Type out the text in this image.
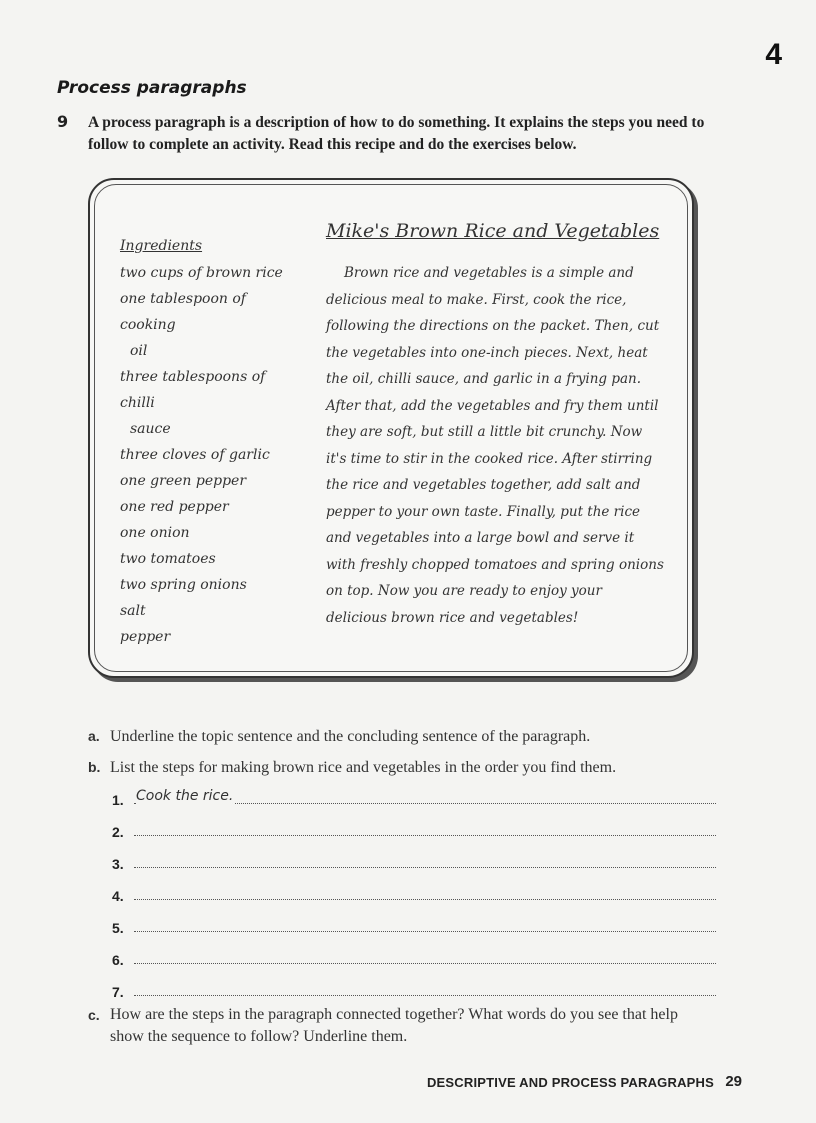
4
Process paragraphs
9 A process paragraph is a description of how to do something. It explains the steps you need to follow to complete an activity. Read this recipe and do the exercises below.
Ingredients
two cups of brown rice
one tablespoon of cooking
oil
three tablespoons of chilli
sauce
three cloves of garlic
one green pepper
one red pepper
one onion
two tomatoes
two spring onions
salt
pepper
Mike's Brown Rice and Vegetables
Brown rice and vegetables is a simple and delicious meal to make. First, cook the rice, following the directions on the packet. Then, cut the vegetables into one-inch pieces. Next, heat the oil, chilli sauce, and garlic in a frying pan. After that, add the vegetables and fry them until they are soft, but still a little bit crunchy. Now it's time to stir in the cooked rice. After stirring the rice and vegetables together, add salt and pepper to your own taste. Finally, put the rice and vegetables into a large bowl and serve it with freshly chopped tomatoes and spring onions on top. Now you are ready to enjoy your delicious brown rice and vegetables!
a. Underline the topic sentence and the concluding sentence of the paragraph.
b. List the steps for making brown rice and vegetables in the order you find them.
1. Cook the rice.
2.
3.
4.
5.
6.
7.
c. How are the steps in the paragraph connected together? What words do you see that help show the sequence to follow? Underline them.
DESCRIPTIVE AND PROCESS PARAGRAPHS 29
